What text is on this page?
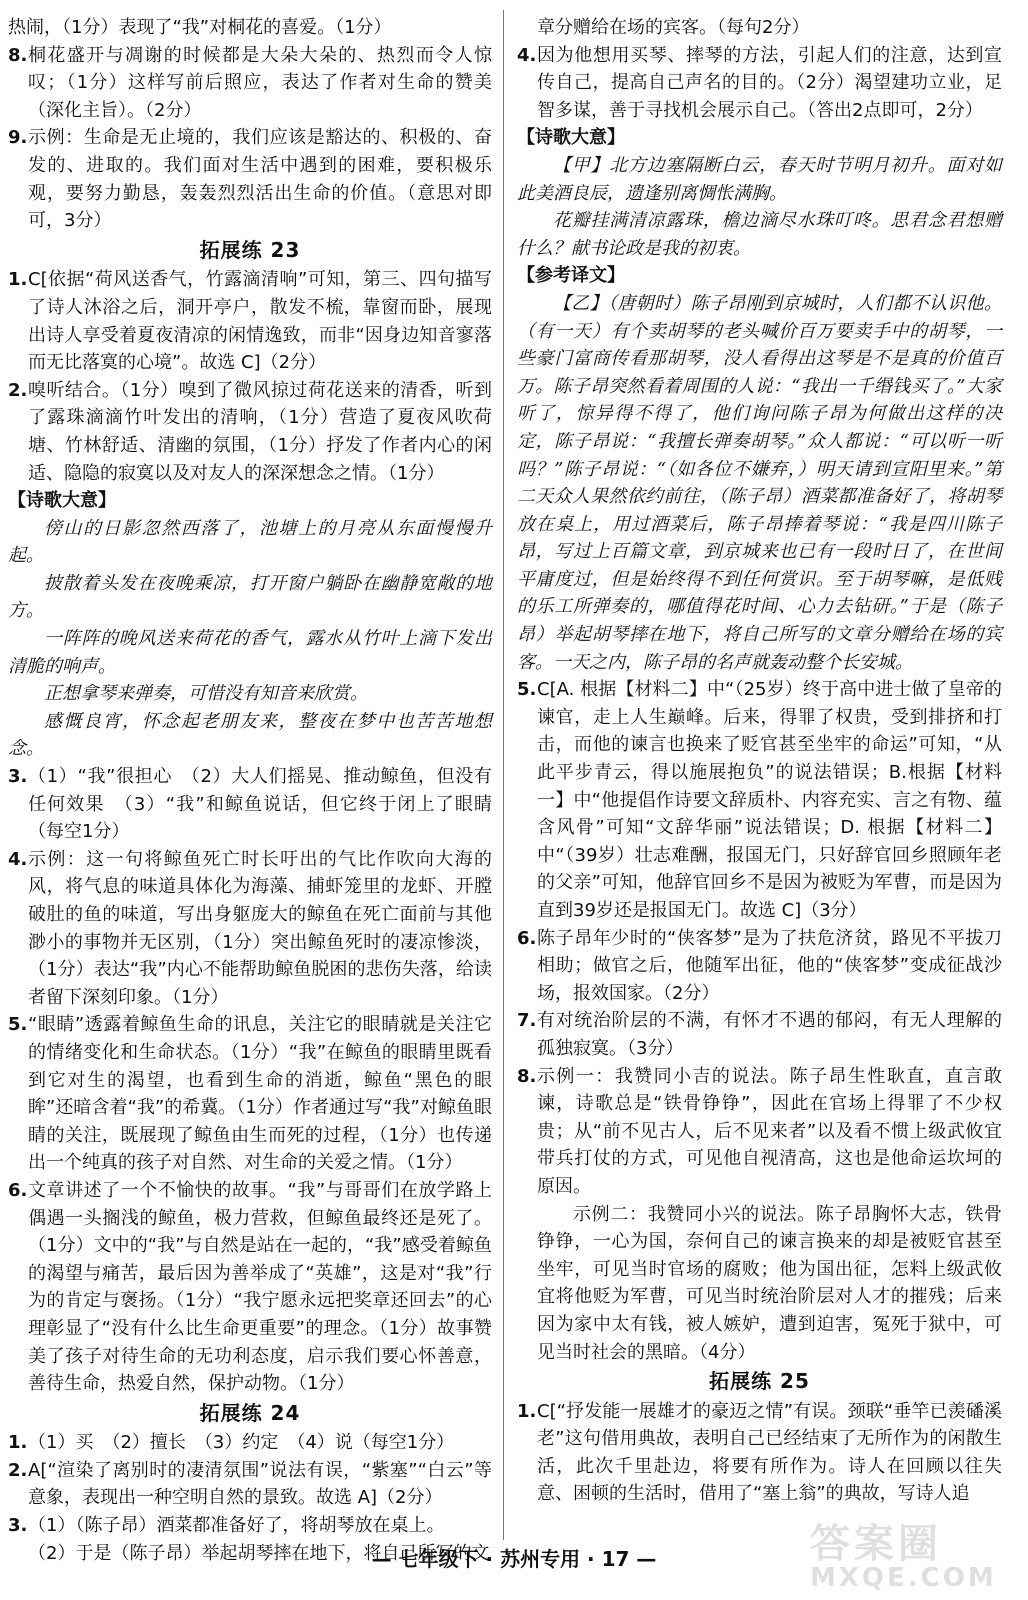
热闹，（1分）表现了“我”对桐花的喜爱。（1分）

8. 桐花盛开与凋谢的时候都是大朵大朵的、热烈而令人惊叹；（1分）这样写前后照应，表达了作者对生命的赞美（深化主旨）。（2分）
9. 示例：生命是无止境的，我们应该是豁达的、积极的、奋发的、进取的。我们面对生活中遇到的困难，要积极乐观，要努力勤恳，轰轰烈烈活出生命的价值。（意思对即可，3分）
拓展练 23
1. C[依据“荷风送香气，竹露滴清响”可知，第三、四句描写了诗人沐浴之后，洞开亭户，散发不梳，靠窗而卧，展现出诗人享受着夏夜清凉的闲情逸致，而非“因身边知音寥落而无比落寞的心境”。故选 C]（2分）
2. 嗅听结合。（1分）嗅到了微风掠过荷花送来的清香，听到了露珠滴滴竹叶发出的清响，（1分）营造了夏夜风吹荷塘、竹林舒适、清幽的氛围，（1分）抒发了作者内心的闲适、隐隐的寂寞以及对友人的深深想念之情。（1分）

【诗歌大意】

傍山的日影忽然西落了，池塘上的月亮从东面慢慢升起。

披散着头发在夜晚乘凉，打开窗户躺卧在幽静宽敞的地方。

一阵阵的晚风送来荷花的香气，露水从竹叶上滴下发出清脆的响声。

正想拿琴来弹奏，可惜没有知音来欣赏。

感慨良宵，怀念起老朋友来，整夜在梦中也苦苦地想念。

3. （1）“我”很担心　（2）大人们摇晃、推动鲸鱼，但没有任何效果　（3）“我”和鲸鱼说话，但它终于闭上了眼睛（每空1分）
4. 示例：这一句将鲸鱼死亡时长吁出的气比作吹向大海的风，将气息的味道具体化为海藻、捕虾笼里的龙虾、开膛破肚的鱼的味道，写出身躯庞大的鲸鱼在死亡面前与其他渺小的事物并无区别，（1分）突出鲸鱼死时的凄凉惨淡，（1分）表达“我”内心不能帮助鲸鱼脱困的悲伤失落，给读者留下深刻印象。（1分）
5. “眼睛”透露着鲸鱼生命的讯息，关注它的眼睛就是关注它的情绪变化和生命状态。（1分）“我”在鲸鱼的眼睛里既看到它对生的渴望，也看到生命的消逝，鲸鱼“黑色的眼眸”还暗含着“我”的希冀。（1分）作者通过写“我”对鲸鱼眼睛的关注，既展现了鲸鱼由生而死的过程，（1分）也传递出一个纯真的孩子对自然、对生命的关爱之情。（1分）
6. 文章讲述了一个不愉快的故事。“我”与哥哥们在放学路上偶遇一头搁浅的鲸鱼，极力营救，但鲸鱼最终还是死了。（1分）文中的“我”与自然是站在一起的，“我”感受着鲸鱼的渴望与痛苦，最后因为善举成了“英雄”，这是对“我”行为的肯定与褒扬。（1分）“我宁愿永远把奖章还回去”的心理彰显了“没有什么比生命更重要”的理念。（1分）故事赞美了孩子对待生命的无功利态度，启示我们要心怀善意，善待生命，热爱自然，保护动物。（1分）
拓展练 24
1. （1）买　（2）擅长　（3）约定　（4）说（每空1分）
2. A[“渲染了离别时的凄清氛围”说法有误，“紫塞”“白云”等意象，表现出一种空明自然的景致。故选 A]（2分）
3. （1）（陈子昂）酒菜都准备好了，将胡琴放在桌上。

（2）于是（陈子昂）举起胡琴摔在地下，将自己所写的文

章分赠给在场的宾客。（每句2分）

4. 因为他想用买琴、摔琴的方法，引起人们的注意，达到宣传自己，提高自己声名的目的。（2分）渴望建功立业，足智多谋，善于寻找机会展示自己。（答出2点即可，2分）

【诗歌大意】

【甲】北方边塞隔断白云，春天时节明月初升。面对如此美酒良辰，遗逢别离惆怅满胸。

花瓣挂满清凉露珠，檐边滴尽水珠叮咚。思君念君想赠什么？献书论政是我的初衷。

【参考译文】

【乙】（唐朝时）陈子昂刚到京城时，人们都不认识他。（有一天）有个卖胡琴的老头喊价百万要卖手中的胡琴，一些豪门富商传看那胡琴，没人看得出这琴是不是真的价值百万。陈子昂突然看着周围的人说：“我出一千缗钱买了。”大家听了，惊异得不得了，他们询问陈子昂为何做出这样的决定，陈子昂说：“我擅长弹奏胡琴。”众人都说：“可以听一听吗？”陈子昂说：“（如各位不嫌弃，）明天请到宣阳里来。”第二天众人果然依约前往，（陈子昂）酒菜都准备好了，将胡琴放在桌上，用过酒菜后，陈子昂捧着琴说：“我是四川陈子昂，写过上百篇文章，到京城来也已有一段时日了，在世间平庸度过，但是始终得不到任何赏识。至于胡琴嘛，是低贱的乐工所弹奏的，哪值得花时间、心力去钻研。”于是（陈子昂）举起胡琴摔在地下，将自己所写的文章分赠给在场的宾客。一天之内，陈子昂的名声就轰动整个长安城。

5. C[A. 根据【材料二】中“（25岁）终于高中进士做了皇帝的谏官，走上人生巅峰。后来，得罪了权贵，受到排挤和打击，而他的谏言也换来了贬官甚至坐牢的命运”可知，“从此平步青云，得以施展抱负”的说法错误；B.根据【材料一】中“他提倡作诗要文辞质朴、内容充实、言之有物、蕴含风骨”可知“文辞华丽”说法错误；D. 根据【材料二】中“（39岁）壮志难酬，报国无门，只好辞官回乡照顾年老的父亲”可知，他辞官回乡不是因为被贬为军曹，而是因为直到39岁还是报国无门。故选 C]（3分）
6. 陈子昂年少时的“侠客梦”是为了扶危济贫，路见不平拔刀相助；做官之后，他随军出征，他的“侠客梦”变成征战沙场，报效国家。（2分）
7. 有对统治阶层的不满，有怀才不遇的郁闷，有无人理解的孤独寂寞。（3分）
8. 示例一：我赞同小吉的说法。陈子昂生性耿直，直言敢谏，诗歌总是“铁骨铮铮”，因此在官场上得罪了不少权贵；从“前不见古人，后不见来者”以及看不惯上级武攸宜带兵打仗的方式，可见他自视清高，这也是他命运坎坷的原因。

示例二：我赞同小兴的说法。陈子昂胸怀大志，铁骨铮铮，一心为国，奈何自己的谏言换来的却是被贬官甚至坐牢，可见当时官场的腐败；他为国出征，怎料上级武攸宜将他贬为军曹，可见当时统治阶层对人才的摧残；后来因为家中太有钱，被人嫉妒，遭到迫害，冤死于狱中，可见当时社会的黑暗。（4分）

拓展练 25
1. C[“抒发能一展雄才的豪迈之情”有误。颈联“垂竿已羡磻溪老”这句借用典故，表明自己已经结束了无所作为的闲散生活，此次千里赴边，将要有所作为。诗人在回顾以往失意、困顿的生活时，借用了“塞上翁”的典故，写诗人追
— 七年级下 · 苏州专用 · 17 —	答案圈
MXQE.COM
